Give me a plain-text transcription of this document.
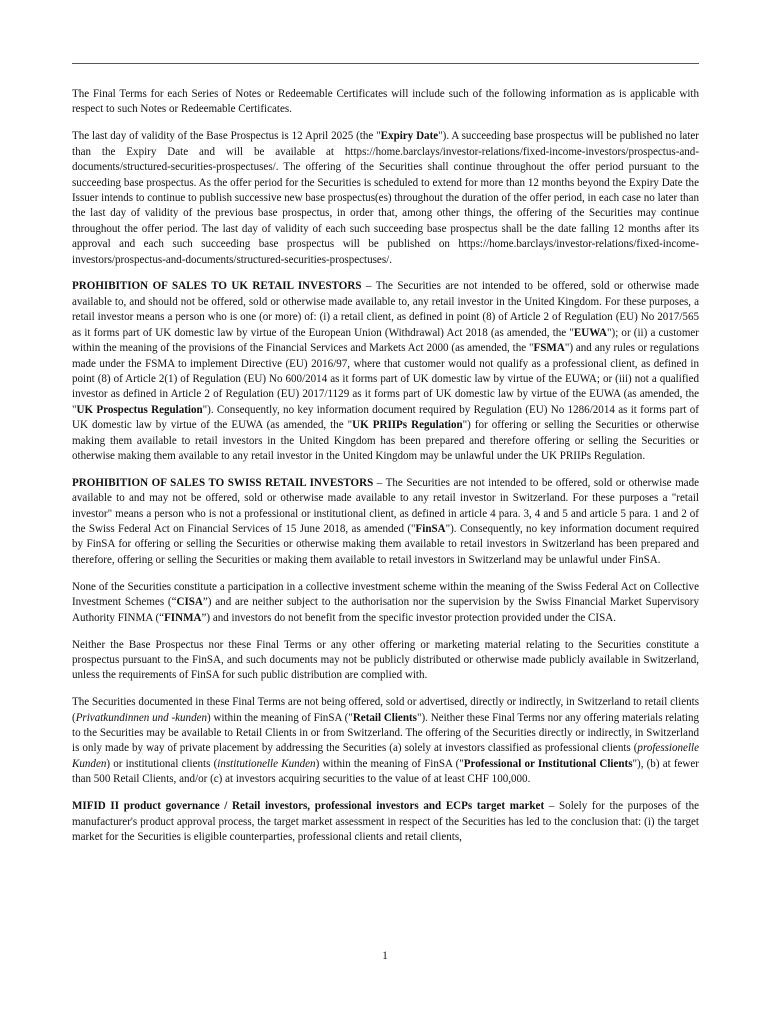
The Final Terms for each Series of Notes or Redeemable Certificates will include such of the following information as is applicable with respect to such Notes or Redeemable Certificates.

The last day of validity of the Base Prospectus is 12 April 2025 (the "Expiry Date"). A succeeding base prospectus will be published no later than the Expiry Date and will be available at https://home.barclays/investor-relations/fixed-income-investors/prospectus-and-documents/structured-securities-prospectuses/. The offering of the Securities shall continue throughout the offer period pursuant to the succeeding base prospectus. As the offer period for the Securities is scheduled to extend for more than 12 months beyond the Expiry Date the Issuer intends to continue to publish successive new base prospectus(es) throughout the duration of the offer period, in each case no later than the last day of validity of the previous base prospectus, in order that, among other things, the offering of the Securities may continue throughout the offer period. The last day of validity of each such succeeding base prospectus shall be the date falling 12 months after its approval and each such succeeding base prospectus will be published on https://home.barclays/investor-relations/fixed-income-investors/prospectus-and-documents/structured-securities-prospectuses/.

PROHIBITION OF SALES TO UK RETAIL INVESTORS – The Securities are not intended to be offered, sold or otherwise made available to, and should not be offered, sold or otherwise made available to, any retail investor in the United Kingdom. For these purposes, a retail investor means a person who is one (or more) of: (i) a retail client, as defined in point (8) of Article 2 of Regulation (EU) No 2017/565 as it forms part of UK domestic law by virtue of the European Union (Withdrawal) Act 2018 (as amended, the "EUWA"); or (ii) a customer within the meaning of the provisions of the Financial Services and Markets Act 2000 (as amended, the "FSMA") and any rules or regulations made under the FSMA to implement Directive (EU) 2016/97, where that customer would not qualify as a professional client, as defined in point (8) of Article 2(1) of Regulation (EU) No 600/2014 as it forms part of UK domestic law by virtue of the EUWA; or (iii) not a qualified investor as defined in Article 2 of Regulation (EU) 2017/1129 as it forms part of UK domestic law by virtue of the EUWA (as amended, the "UK Prospectus Regulation"). Consequently, no key information document required by Regulation (EU) No 1286/2014 as it forms part of UK domestic law by virtue of the EUWA (as amended, the "UK PRIIPs Regulation") for offering or selling the Securities or otherwise making them available to retail investors in the United Kingdom has been prepared and therefore offering or selling the Securities or otherwise making them available to any retail investor in the United Kingdom may be unlawful under the UK PRIIPs Regulation.

PROHIBITION OF SALES TO SWISS RETAIL INVESTORS – The Securities are not intended to be offered, sold or otherwise made available to and may not be offered, sold or otherwise made available to any retail investor in Switzerland. For these purposes a "retail investor" means a person who is not a professional or institutional client, as defined in article 4 para. 3, 4 and 5 and article 5 para. 1 and 2 of the Swiss Federal Act on Financial Services of 15 June 2018, as amended ("FinSA"). Consequently, no key information document required by FinSA for offering or selling the Securities or otherwise making them available to retail investors in Switzerland has been prepared and therefore, offering or selling the Securities or making them available to retail investors in Switzerland may be unlawful under FinSA.

None of the Securities constitute a participation in a collective investment scheme within the meaning of the Swiss Federal Act on Collective Investment Schemes (“CISA”) and are neither subject to the authorisation nor the supervision by the Swiss Financial Market Supervisory Authority FINMA (“FINMA”) and investors do not benefit from the specific investor protection provided under the CISA.

Neither the Base Prospectus nor these Final Terms or any other offering or marketing material relating to the Securities constitute a prospectus pursuant to the FinSA, and such documents may not be publicly distributed or otherwise made publicly available in Switzerland, unless the requirements of FinSA for such public distribution are complied with.

The Securities documented in these Final Terms are not being offered, sold or advertised, directly or indirectly, in Switzerland to retail clients (Privatkundinnen und -kunden) within the meaning of FinSA ("Retail Clients"). Neither these Final Terms nor any offering materials relating to the Securities may be available to Retail Clients in or from Switzerland. The offering of the Securities directly or indirectly, in Switzerland is only made by way of private placement by addressing the Securities (a) solely at investors classified as professional clients (professionelle Kunden) or institutional clients (institutionelle Kunden) within the meaning of FinSA ("Professional or Institutional Clients"), (b) at fewer than 500 Retail Clients, and/or (c) at investors acquiring securities to the value of at least CHF 100,000.

MIFID II product governance / Retail investors, professional investors and ECPs target market – Solely for the purposes of the manufacturer's product approval process, the target market assessment in respect of the Securities has led to the conclusion that: (i) the target market for the Securities is eligible counterparties, professional clients and retail clients,

1
